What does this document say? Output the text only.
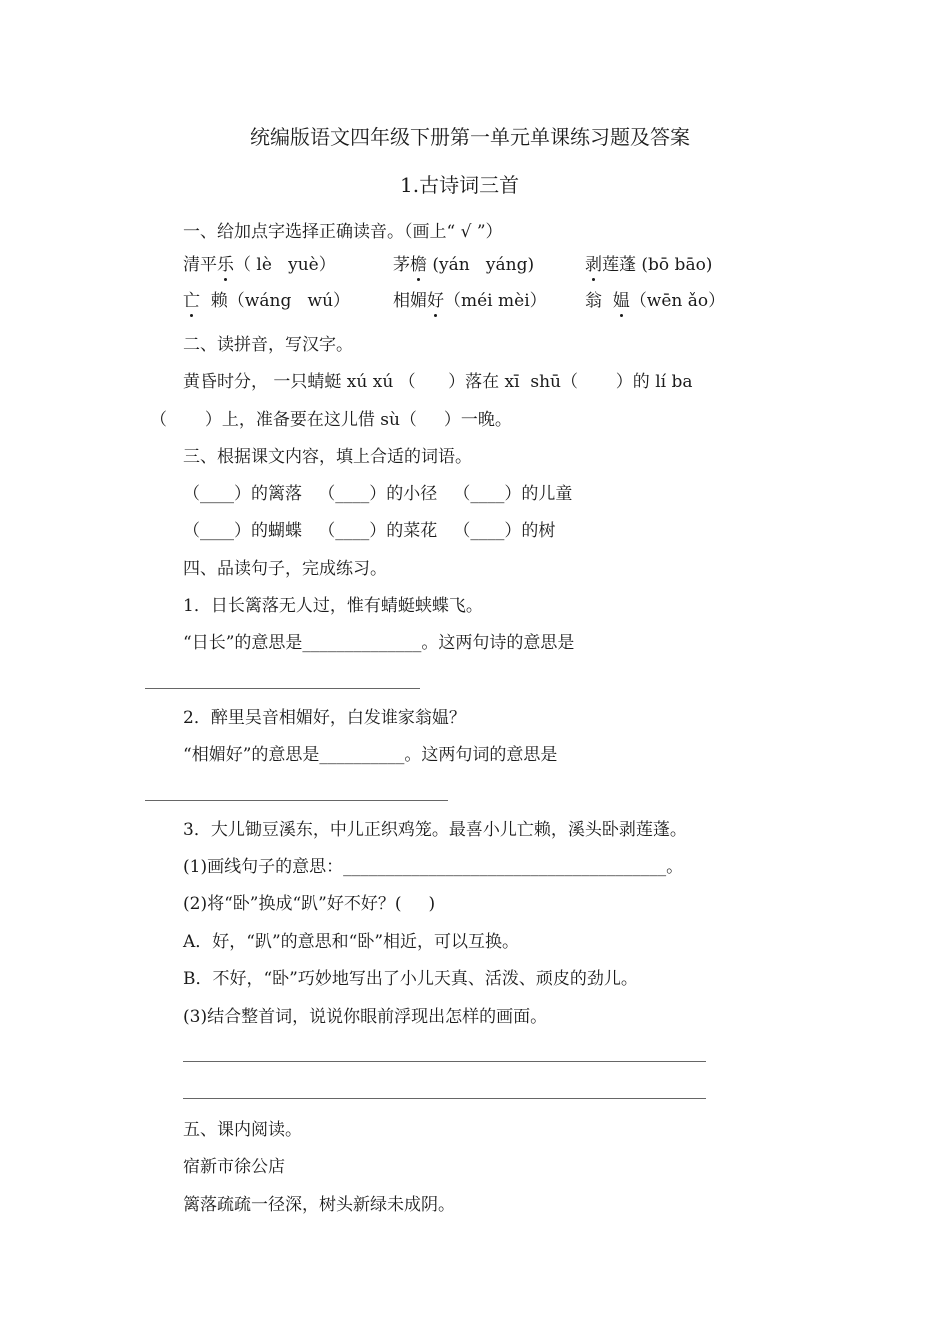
统编版语文四年级下册第一单元单课练习题及答案
1.古诗词三首
一、给加点字选择正确读音。（画上“ √ ”）
清平乐（ lè   yuè）	茅檐 (yán   yáng)	剥莲蓬 (bō bāo)
亡  赖（wáng   wú）	相媚好（méi mèi） 翁  媪（wēn ǎo）
二、读拼音，写汉字。
黄昏时分， 一只蜻蜓 xú xú （      ）落在 xī  shū（       ）的 lí ba
（       ）上，准备要在这儿借 sù（     ）一晚。
三、根据课文内容，填上合适的词语。
（____）的篱落   （____）的小径   （____）的儿童
（____）的蝴蝶   （____）的菜花   （____）的树
四、品读句子，完成练习。
1．日长篱落无人过，惟有蜻蜓蛱蝶飞。
“日长”的意思是______________。这两句诗的意思是
2．醉里吴音相媚好，白发谁家翁媪？
“相媚好”的意思是__________。这两句词的意思是
3．大儿锄豆溪东，中儿正织鸡笼。最喜小儿亡赖，溪头卧剥莲蓬。
(1)画线句子的意思：______________________________________。
(2)将“卧”换成“趴”好不好？(     )
A．好，“趴”的意思和“卧”相近，可以互换。
B．不好，“卧”巧妙地写出了小儿天真、活泼、顽皮的劲儿。
(3)结合整首词，说说你眼前浮现出怎样的画面。
五、课内阅读。
宿新市徐公店
篱落疏疏一径深，树头新绿未成阴。
